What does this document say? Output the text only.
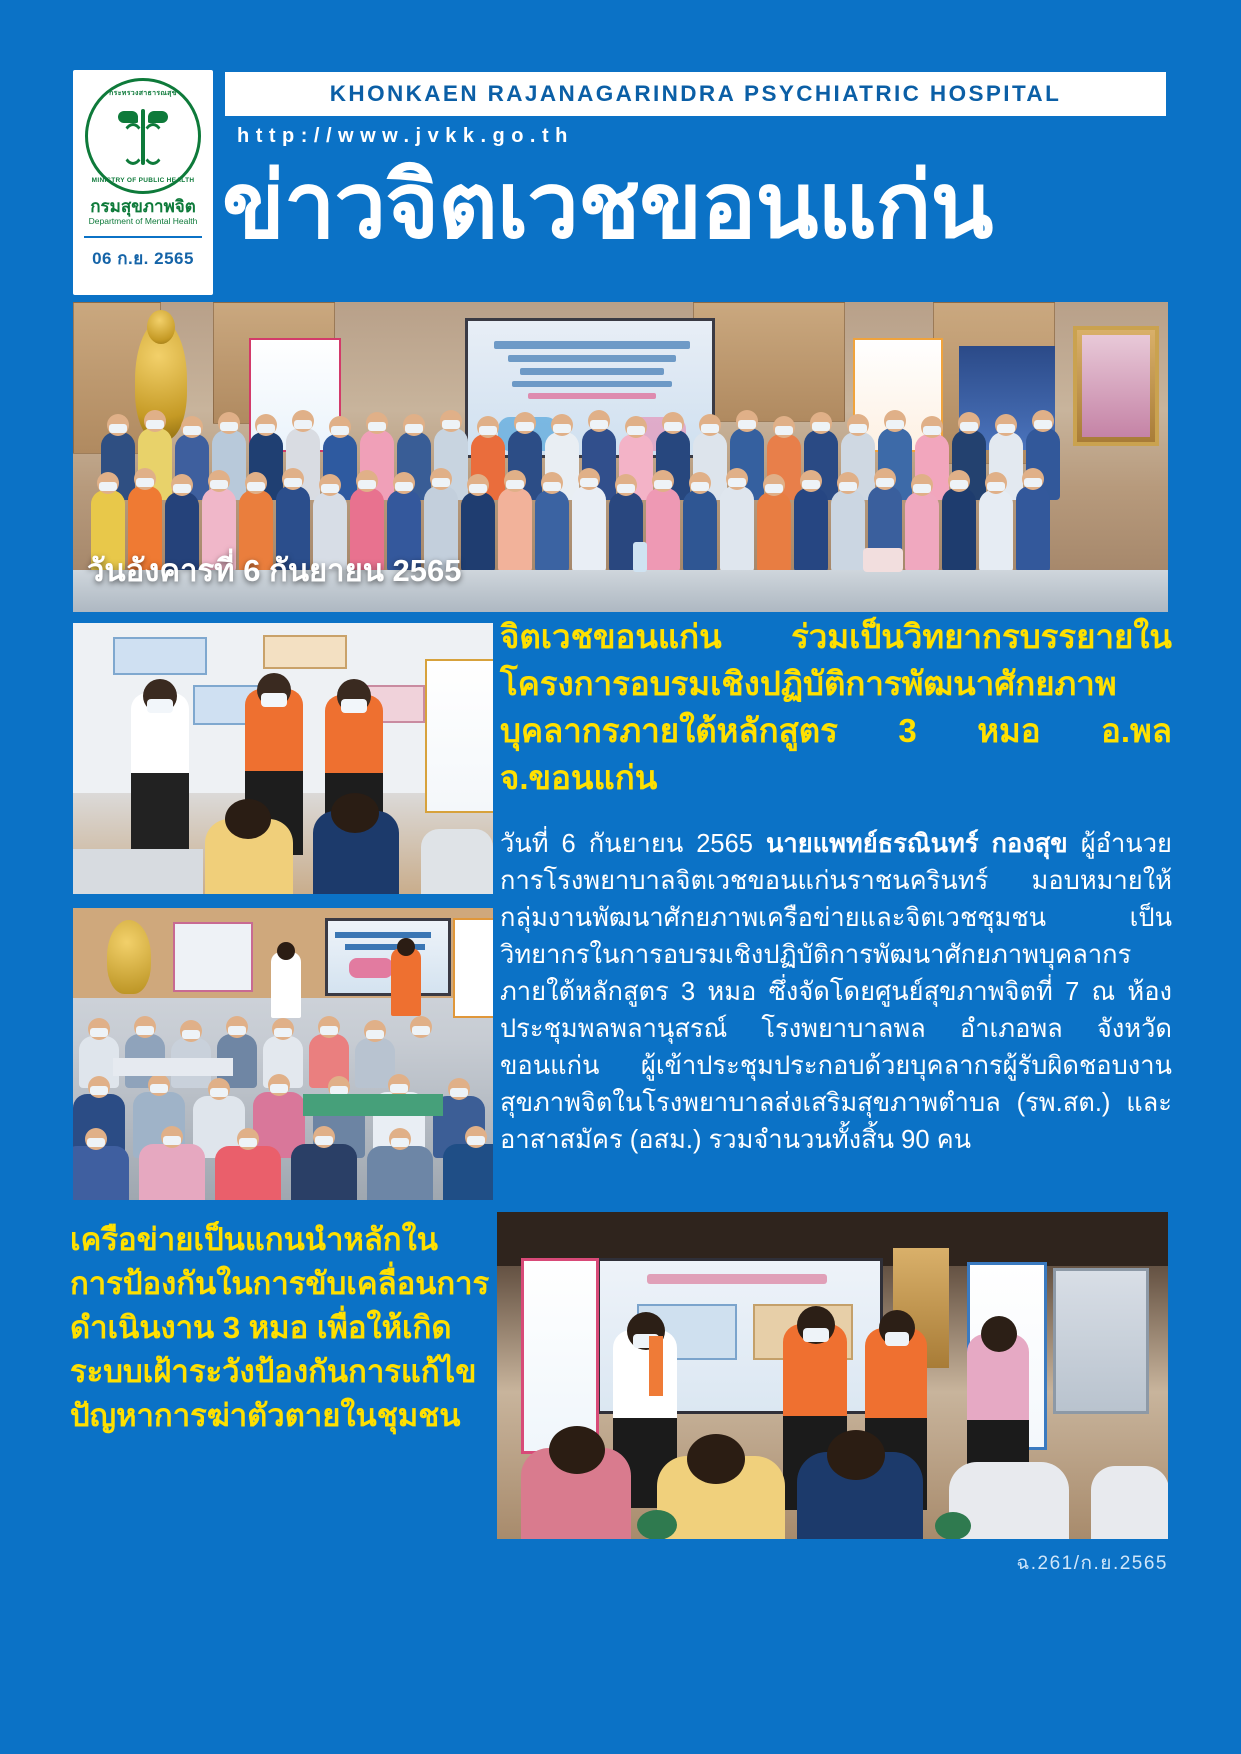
กระทรวงสาธารณสุข
MINISTRY OF PUBLIC HEALTH
กรมสุขภาพจิต
Department of Mental Health
06 ก.ย. 2565
KHONKAEN RAJANAGARINDRA PSYCHIATRIC HOSPITAL
http://www.jvkk.go.th
ข่าวจิตเวชขอนแก่น
วันอังคารที่ 6 กันยายน 2565
จิตเวชขอนแก่น ร่วมเป็นวิทยากรบรรยายในโครงการอบรมเชิงปฏิบัติการพัฒนาศักยภาพบุคลากรภายใต้หลักสูตร 3 หมอ อ.พล จ.ขอนแก่น
วันที่ 6 กันยายน 2565 นายแพทย์ธรณินทร์ กองสุข ผู้อำนวยการโรงพยาบาลจิตเวชขอนแก่นราชนครินทร์ มอบหมายให้กลุ่มงานพัฒนาศักยภาพเครือข่ายและจิตเวชชุมชน เป็นวิทยากรในการอบรมเชิงปฏิบัติการพัฒนาศักยภาพบุคลากรภายใต้หลักสูตร 3 หมอ ซึ่งจัดโดยศูนย์สุขภาพจิตที่ 7 ณ ห้องประชุมพลพลานุสรณ์ โรงพยาบาลพล อำเภอพล จังหวัดขอนแก่น ผู้เข้าประชุมประกอบด้วยบุคลากรผู้รับผิดชอบงานสุขภาพจิตในโรงพยาบาลส่งเสริมสุขภาพตำบล (รพ.สต.) และอาสาสมัคร (อสม.) รวมจำนวนทั้งสิ้น 90 คน
เครือข่ายเป็นแกนนำหลักในการป้องกันในการขับเคลื่อนการดำเนินงาน 3 หมอ เพื่อให้เกิดระบบเฝ้าระวังป้องกันการแก้ไขปัญหาการฆ่าตัวตายในชุมชน
ฉ.261/ก.ย.2565
